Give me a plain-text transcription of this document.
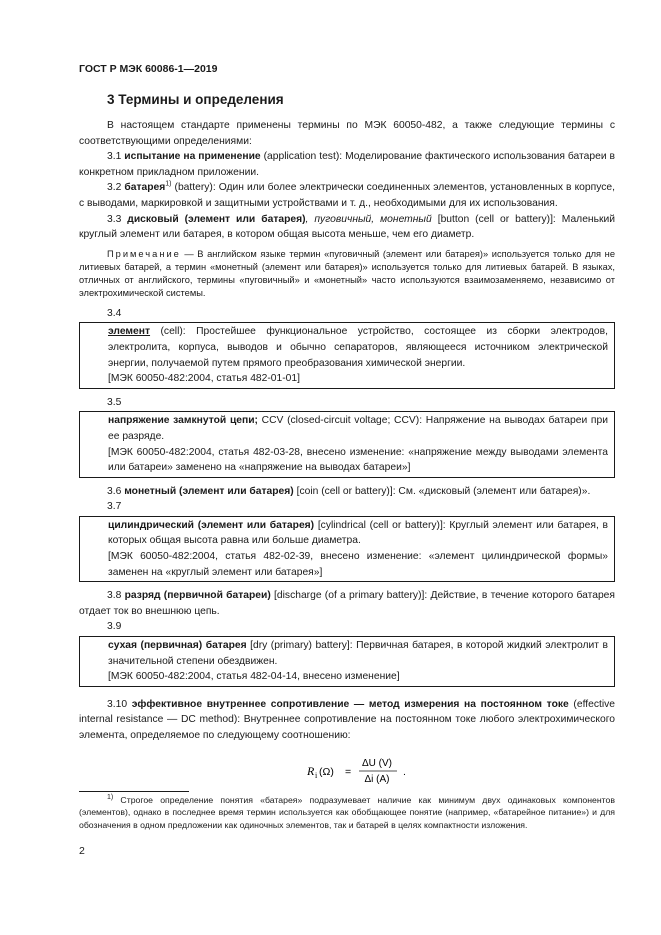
ГОСТ Р МЭК 60086-1—2019
3 Термины и определения

В настоящем стандарте применены термины по МЭК 60050-482, а также следующие термины с соответствующими определениями:

3.1 испытание на применение (application test): Моделирование фактического использования батареи в конкретном прикладном приложении.

3.2 батарея$^{1)}$ (battery): Один или более электрически соединенных элементов, установленных в корпусе, с выводами, маркировкой и защитными устройствами и т. д., необходимыми для их использования.

3.3 дисковый (элемент или батарея), пуговичный, монетный [button (cell or battery)]: Маленький круглый элемент или батарея, в котором общая высота меньше, чем его диаметр.

Примечание — В английском языке термин «пуговичный (элемент или батарея)» используется только для не литиевых батарей, а термин «монетный (элемент или батарея)» используется только для литиевых батарей. В языках, отличных от английского, термины «пуговичный» и «монетный» часто используются взаимозаменяемо, независимо от электрохимической системы.

3.4

элемент (cell): Простейшее функциональное устройство, состоящее из сборки электродов, электролита, корпуса, выводов и обычно сепараторов, являющееся источником электрической энергии, получаемой путем прямого преобразования химической энергии.

[МЭК 60050-482:2004, статья 482-01-01]

3.5

напряжение замкнутой цепи; CCV (closed-circuit voltage; CCV): Напряжение на выводах батареи при ее разряде.

[МЭК 60050-482:2004, статья 482-03-28, внесено изменение: «напряжение между выводами элемента или батареи» заменено на «напряжение на выводах батареи»]

3.6 монетный (элемент или батарея) [coin (cell or battery)]: См. «дисковый (элемент или батарея)».

3.7

цилиндрический (элемент или батарея) [cylindrical (cell or battery)]: Круглый элемент или батарея, в которых общая высота равна или больше диаметра.

[МЭК 60050-482:2004, статья 482-02-39, внесено изменение: «элемент цилиндрической формы» заменен на «круглый элемент или батарея»]

3.8 разряд (первичной батареи) [discharge (of a primary battery)]: Действие, в течение которого батарея отдает ток во внешнюю цепь.

3.9

сухая (первичная) батарея [dry (primary) battery]: Первичная батарея, в которой жидкий электролит в значительной степени обездвижен.

[МЭК 60050-482:2004, статья 482-04-14, внесено изменение]

3.10 эффективное внутреннее сопротивление — метод измерения на постоянном токе (effective internal resistance — DC method): Внутреннее сопротивление на постоянном токе любого электрохимического элемента, определяемое по следующему соотношению:

R i (Ω) =
ΔU (V)
Δi (A)
.

$^{1)}$ Строгое определение понятия «батарея» подразумевает наличие как минимум двух одинаковых компонентов (элементов), однако в последнее время термин используется как обобщающее понятие (например, «батарейное питание») и для обозначения в одном предложении как одиночных элементов, так и батарей в целях компактности изложения.

2
